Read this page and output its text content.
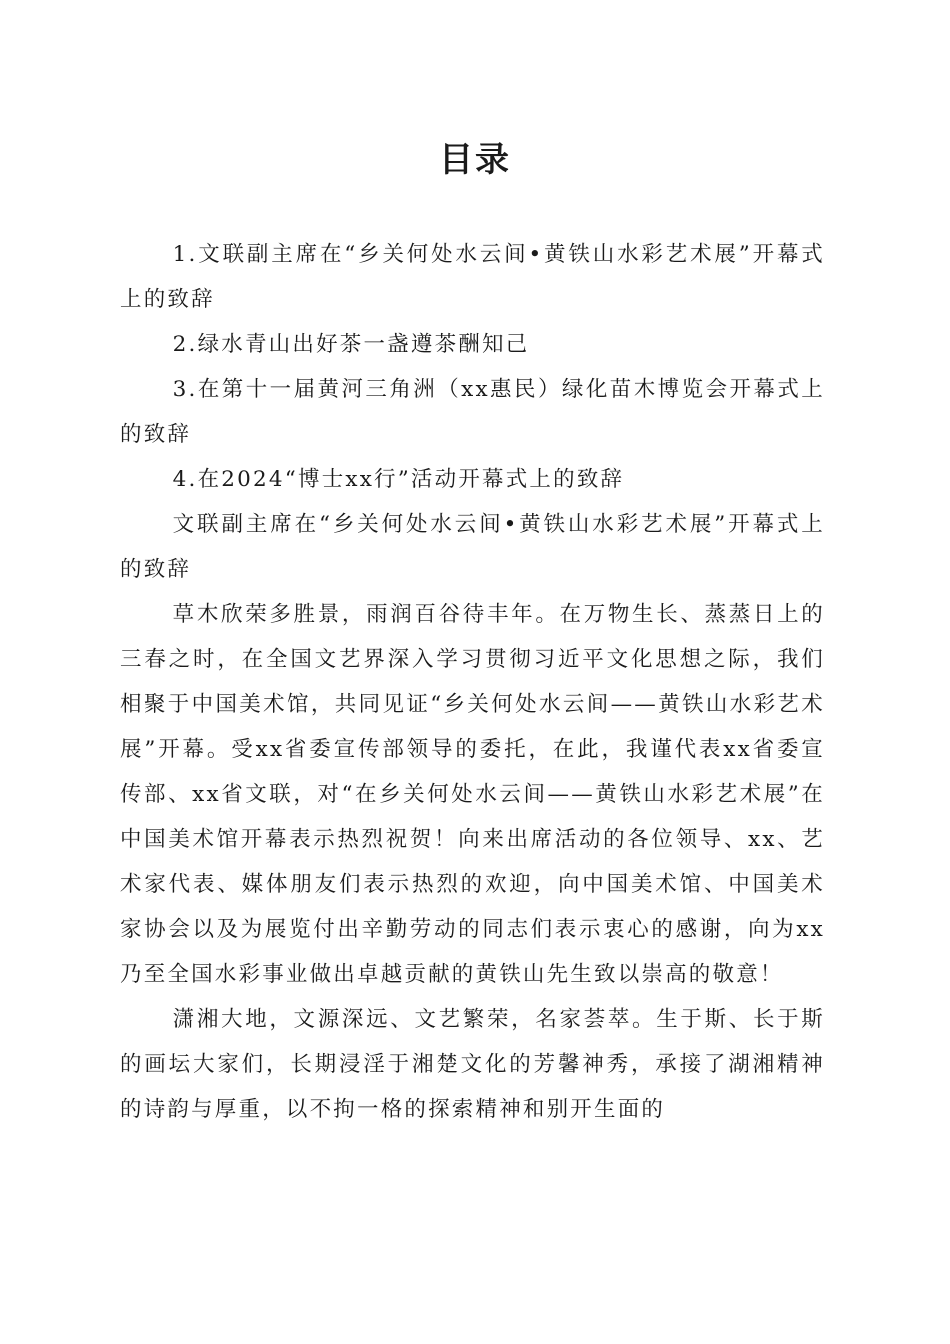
目录

1.文联副主席在“乡关何处水云间•黄铁山水彩艺术展”开幕式上的致辞

2.绿水青山出好茶一盏遵茶酬知己

3.在第十一届黄河三角洲（xx惠民）绿化苗木博览会开幕式上的致辞

4.在2024“博士xx行”活动开幕式上的致辞

文联副主席在“乡关何处水云间•黄铁山水彩艺术展”开幕式上的致辞

草木欣荣多胜景，雨润百谷待丰年。在万物生长、蒸蒸日上的三春之时，在全国文艺界深入学习贯彻习近平文化思想之际，我们相聚于中国美术馆，共同见证“乡关何处水云间——黄铁山水彩艺术展”开幕。受xx省委宣传部领导的委托，在此，我谨代表xx省委宣传部、xx省文联，对“在乡关何处水云间——黄铁山水彩艺术展”在中国美术馆开幕表示热烈祝贺！向来出席活动的各位领导、xx、艺术家代表、媒体朋友们表示热烈的欢迎，向中国美术馆、中国美术家协会以及为展览付出辛勤劳动的同志们表示衷心的感谢，向为xx乃至全国水彩事业做出卓越贡献的黄铁山先生致以崇高的敬意！

潇湘大地，文源深远、文艺繁荣，名家荟萃。生于斯、长于斯的画坛大家们，长期浸淫于湘楚文化的芳馨神秀，承接了湖湘精神的诗韵与厚重，以不拘一格的探索精神和别开生面的
